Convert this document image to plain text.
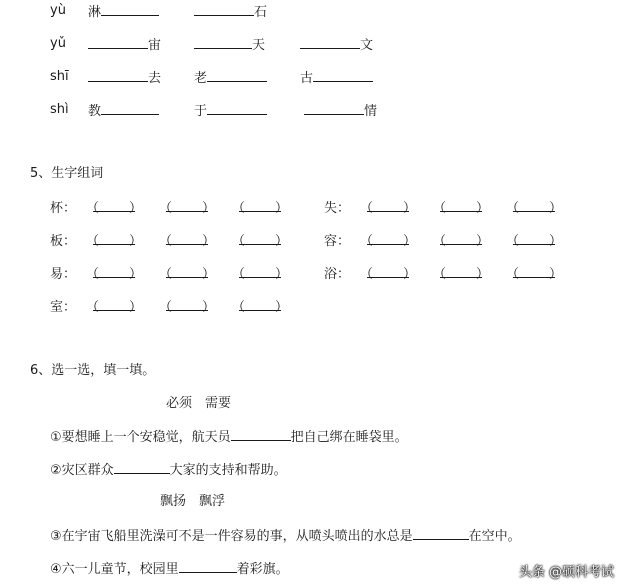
yù 淋	石
yǔ	宙	天	文
shī	去	老	古
shì 教	于	情
5、生字组词
杯： （ ） （ ） （ ）
板： （ ） （ ） （ ）
易： （ ） （ ） （ ）
室： （ ） （ ） （ ）
失： （ ） （ ） （ ）
容： （ ） （ ） （ ）
浴： （ ） （ ） （ ）
6、选一选，填一填。
必须　需要
①要想睡上一个安稳觉，航天员	把自己绑在睡袋里。
②灾区群众	大家的支持和帮助。
飘扬　飘浮
③在宇宙飞船里洗澡可不是一件容易的事，从喷头喷出的水总是	在空中。
④六一儿童节，校园里	着彩旗。	头条 @硕科考试
